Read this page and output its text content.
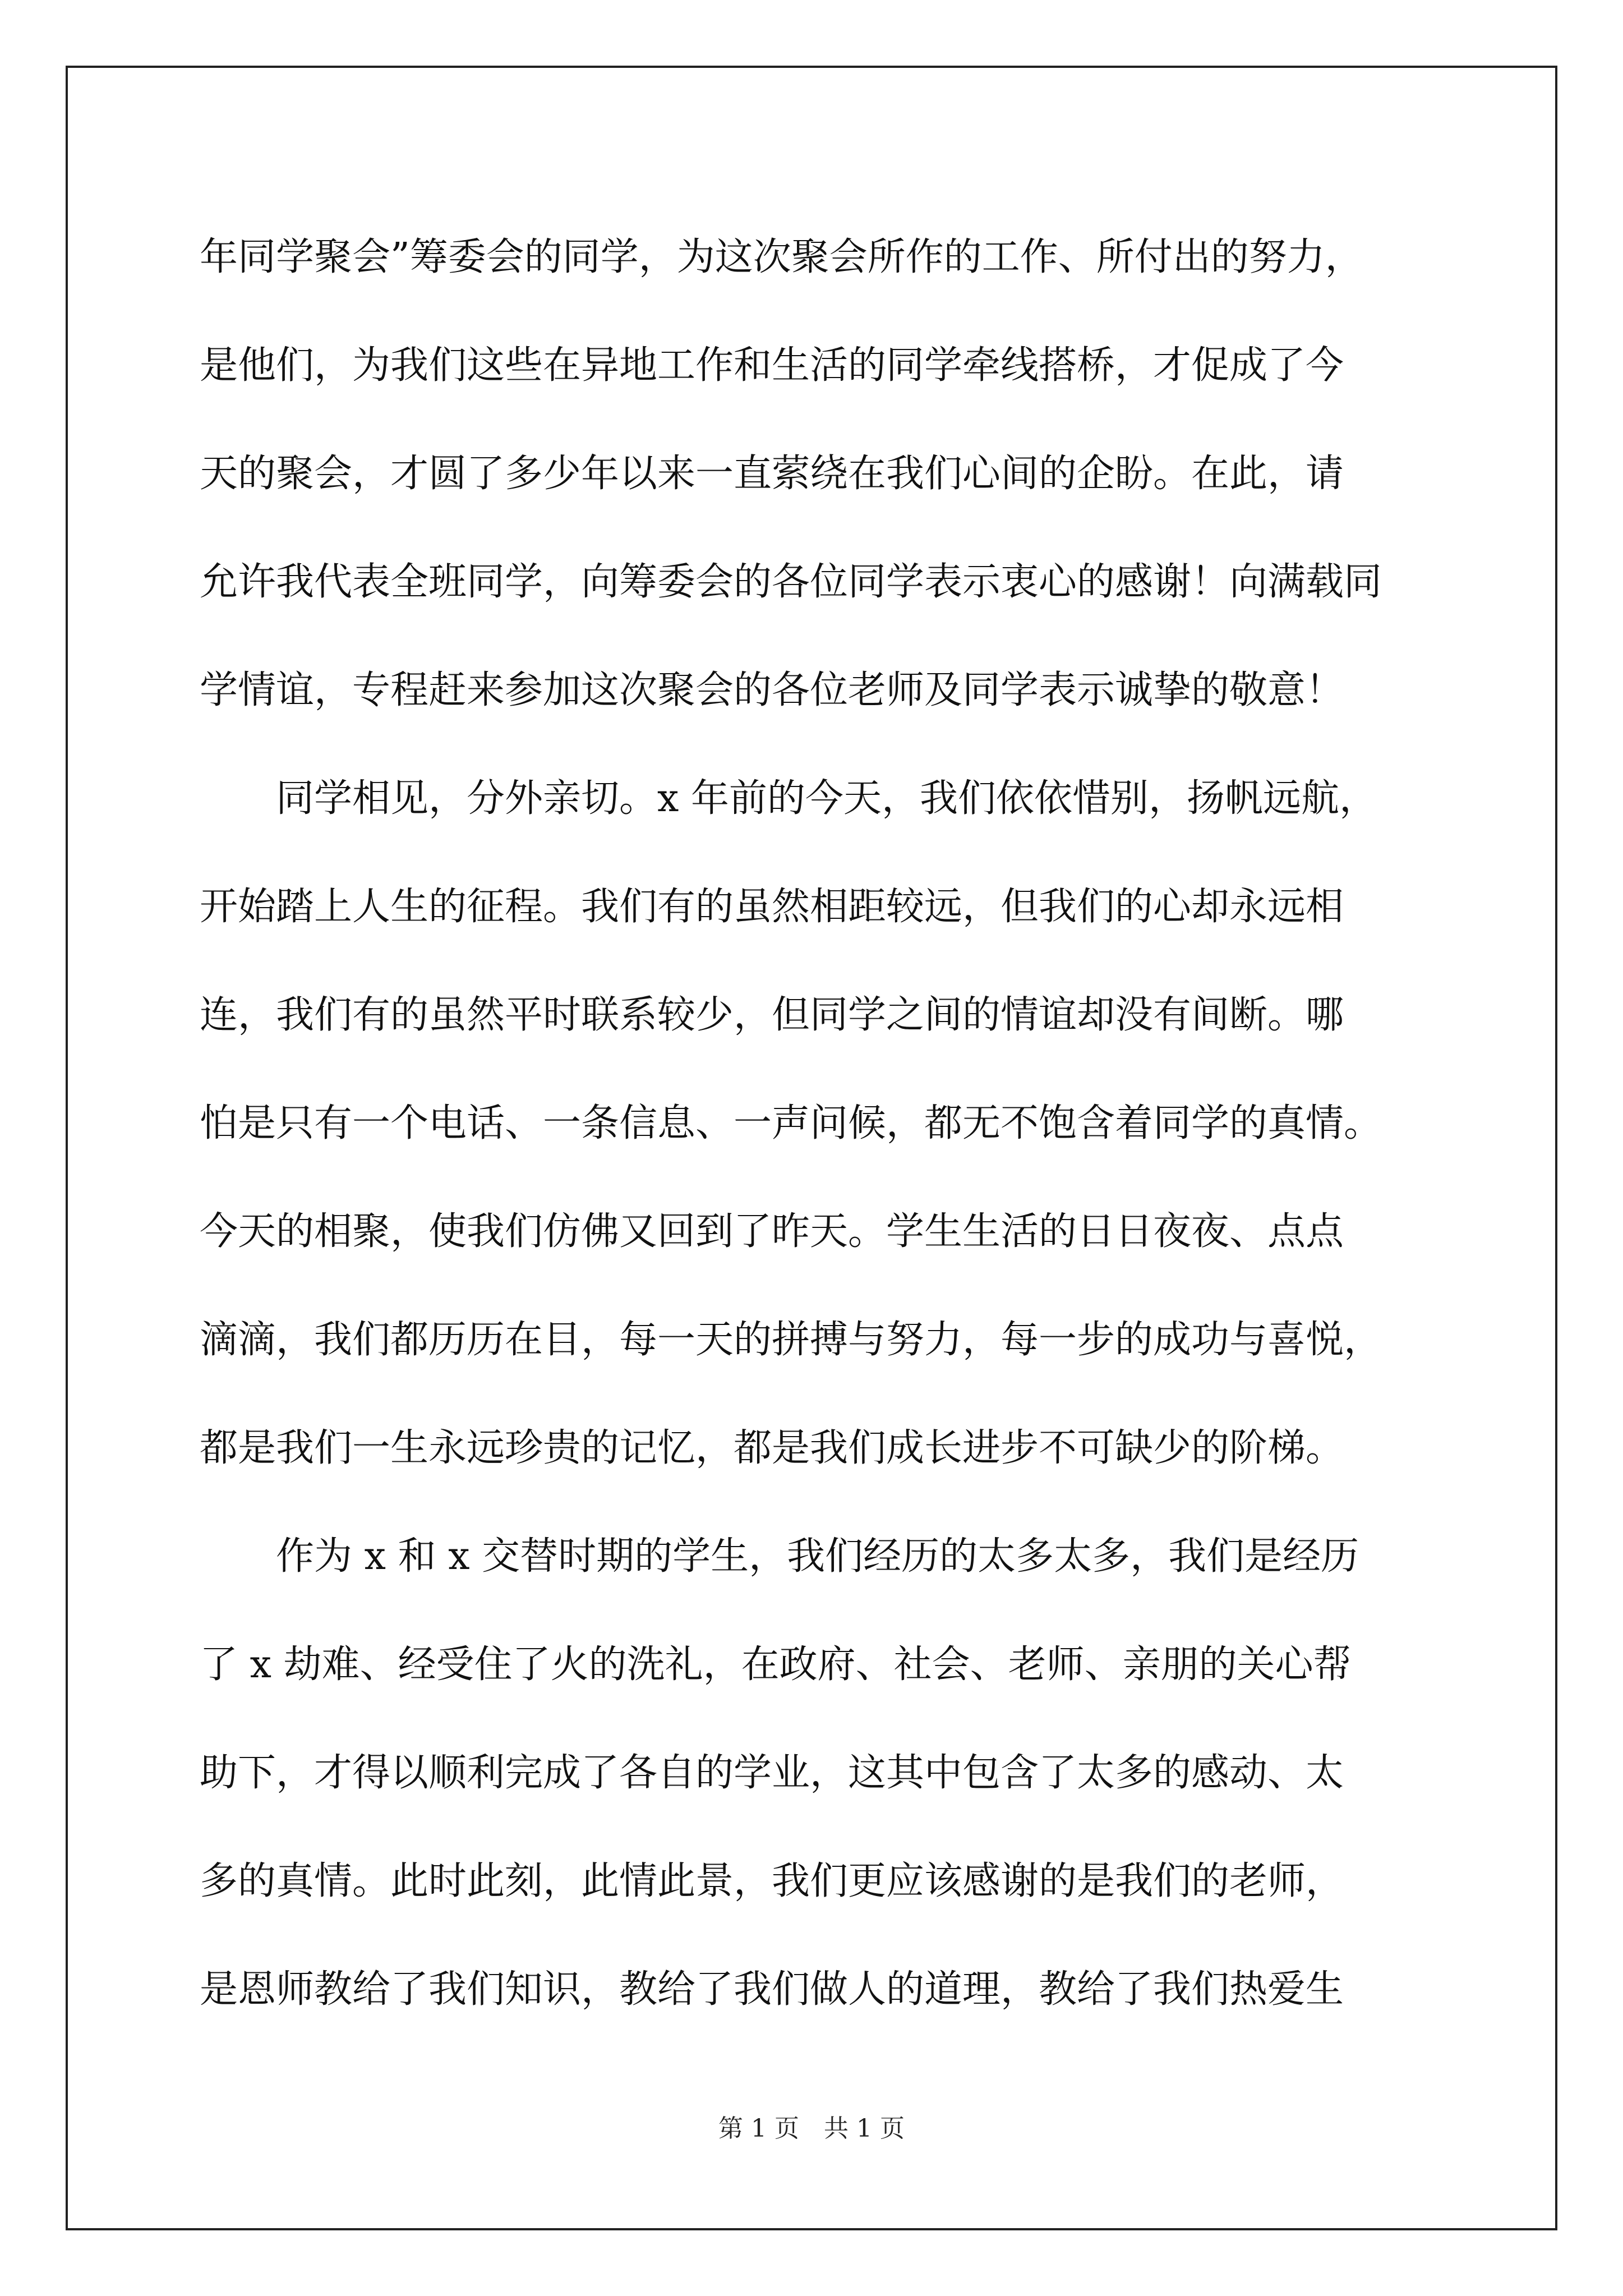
年同学聚会”筹委会的同学，为这次聚会所作的工作、所付出的努力，
是他们，为我们这些在异地工作和生活的同学牵线搭桥，才促成了今
天的聚会，才圆了多少年以来一直萦绕在我们心间的企盼。在此，请
允许我代表全班同学，向筹委会的各位同学表示衷心的感谢！向满载同
学情谊，专程赶来参加这次聚会的各位老师及同学表示诚挚的敬意！
　　同学相见，分外亲切。x 年前的今天，我们依依惜别，扬帆远航，
开始踏上人生的征程。我们有的虽然相距较远，但我们的心却永远相
连，我们有的虽然平时联系较少，但同学之间的情谊却没有间断。哪
怕是只有一个电话、一条信息、一声问候，都无不饱含着同学的真情。
今天的相聚，使我们仿佛又回到了昨天。学生生活的日日夜夜、点点
滴滴，我们都历历在目，每一天的拼搏与努力，每一步的成功与喜悦，
都是我们一生永远珍贵的记忆，都是我们成长进步不可缺少的阶梯。
　　作为 x 和 x 交替时期的学生，我们经历的太多太多，我们是经历
了 x 劫难、经受住了火的洗礼，在政府、社会、老师、亲朋的关心帮
助下，才得以顺利完成了各自的学业，这其中包含了太多的感动、太
多的真情。此时此刻，此情此景，我们更应该感谢的是我们的老师，
是恩师教给了我们知识，教给了我们做人的道理，教给了我们热爱生
第 1 页　共 1 页
